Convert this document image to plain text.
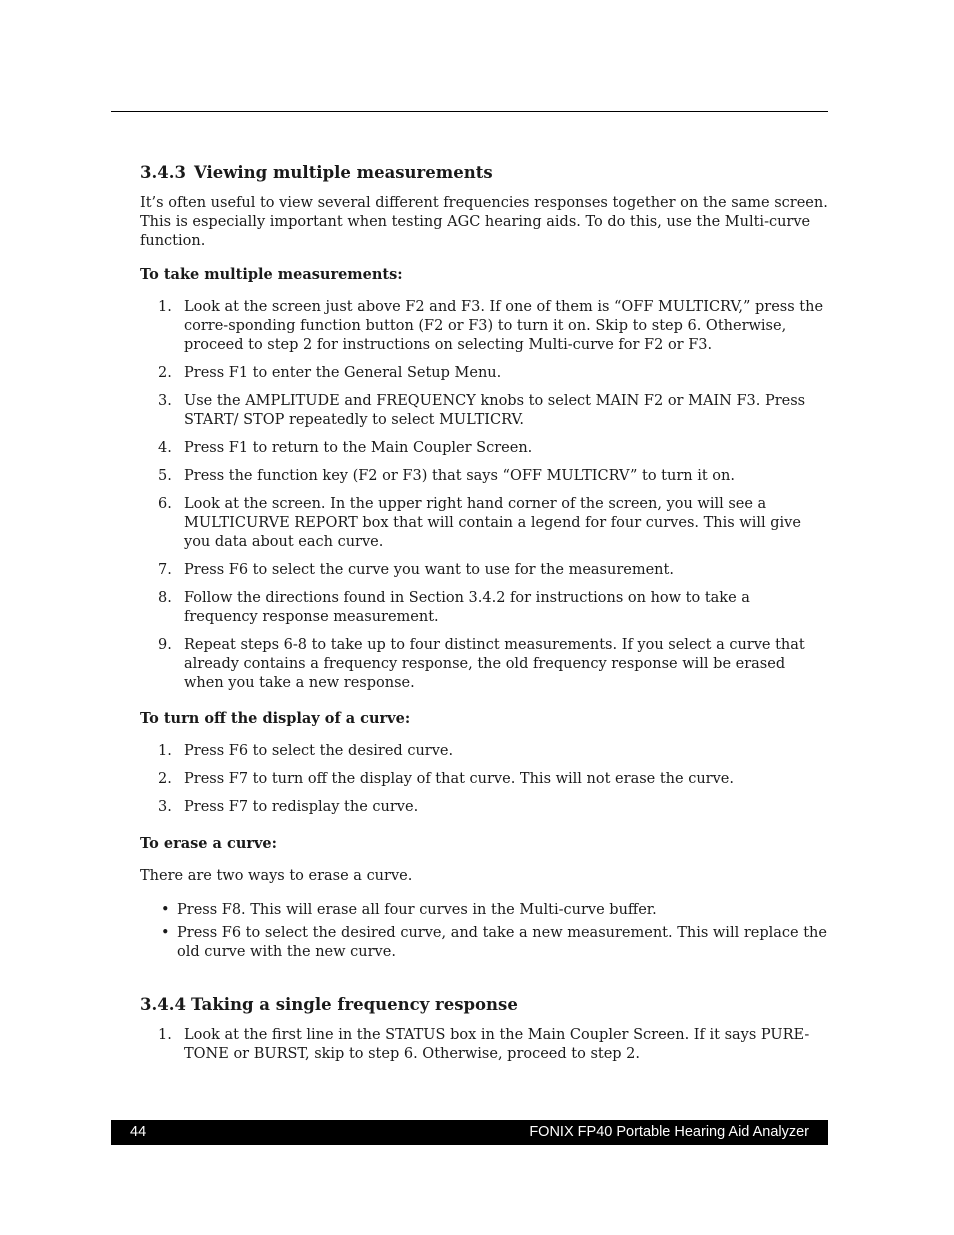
3.4.3 Viewing multiple measurements

It’s often useful to view several different frequencies responses together on the same screen. This is especially important when testing AGC hearing aids. To do this, use the Multi-curve function.

To take multiple measurements:

1. Look at the screen just above F2 and F3. If one of them is “OFF MULTICRV,” press the corre-sponding function button (F2 or F3) to turn it on. Skip to step 6. Otherwise, proceed to step 2 for instructions on selecting Multi-curve for F2 or F3.
2. Press F1 to enter the General Setup Menu.
3. Use the AMPLITUDE and FREQUENCY knobs to select MAIN F2 or MAIN F3. Press START/ STOP repeatedly to select MULTICRV.
4. Press F1 to return to the Main Coupler Screen.
5. Press the function key (F2 or F3) that says “OFF MULTICRV” to turn it on.
6. Look at the screen. In the upper right hand corner of the screen, you will see a MULTICURVE REPORT box that will contain a legend for four curves. This will give you data about each curve.
7. Press F6 to select the curve you want to use for the measurement.
8. Follow the directions found in Section 3.4.2 for instructions on how to take a frequency response measurement.
9. Repeat steps 6-8 to take up to four distinct measurements. If you select a curve that already contains a frequency response, the old frequency response will be erased when you take a new response.

To turn off the display of a curve:

1. Press F6 to select the desired curve.
2. Press F7 to turn off the display of that curve. This will not erase the curve.
3. Press F7 to redisplay the curve.

To erase a curve:

There are two ways to erase a curve.

• Press F8. This will erase all four curves in the Multi-curve buffer.
• Press F6 to select the desired curve, and take a new measurement. This will replace the old curve with the new curve.
3.4.4 Taking a single frequency response
1. Look at the first line in the STATUS box in the Main Coupler Screen. If it says PURE-TONE or BURST, skip to step 6. Otherwise, proceed to step 2.
44	FONIX FP40 Portable Hearing Aid Analyzer
